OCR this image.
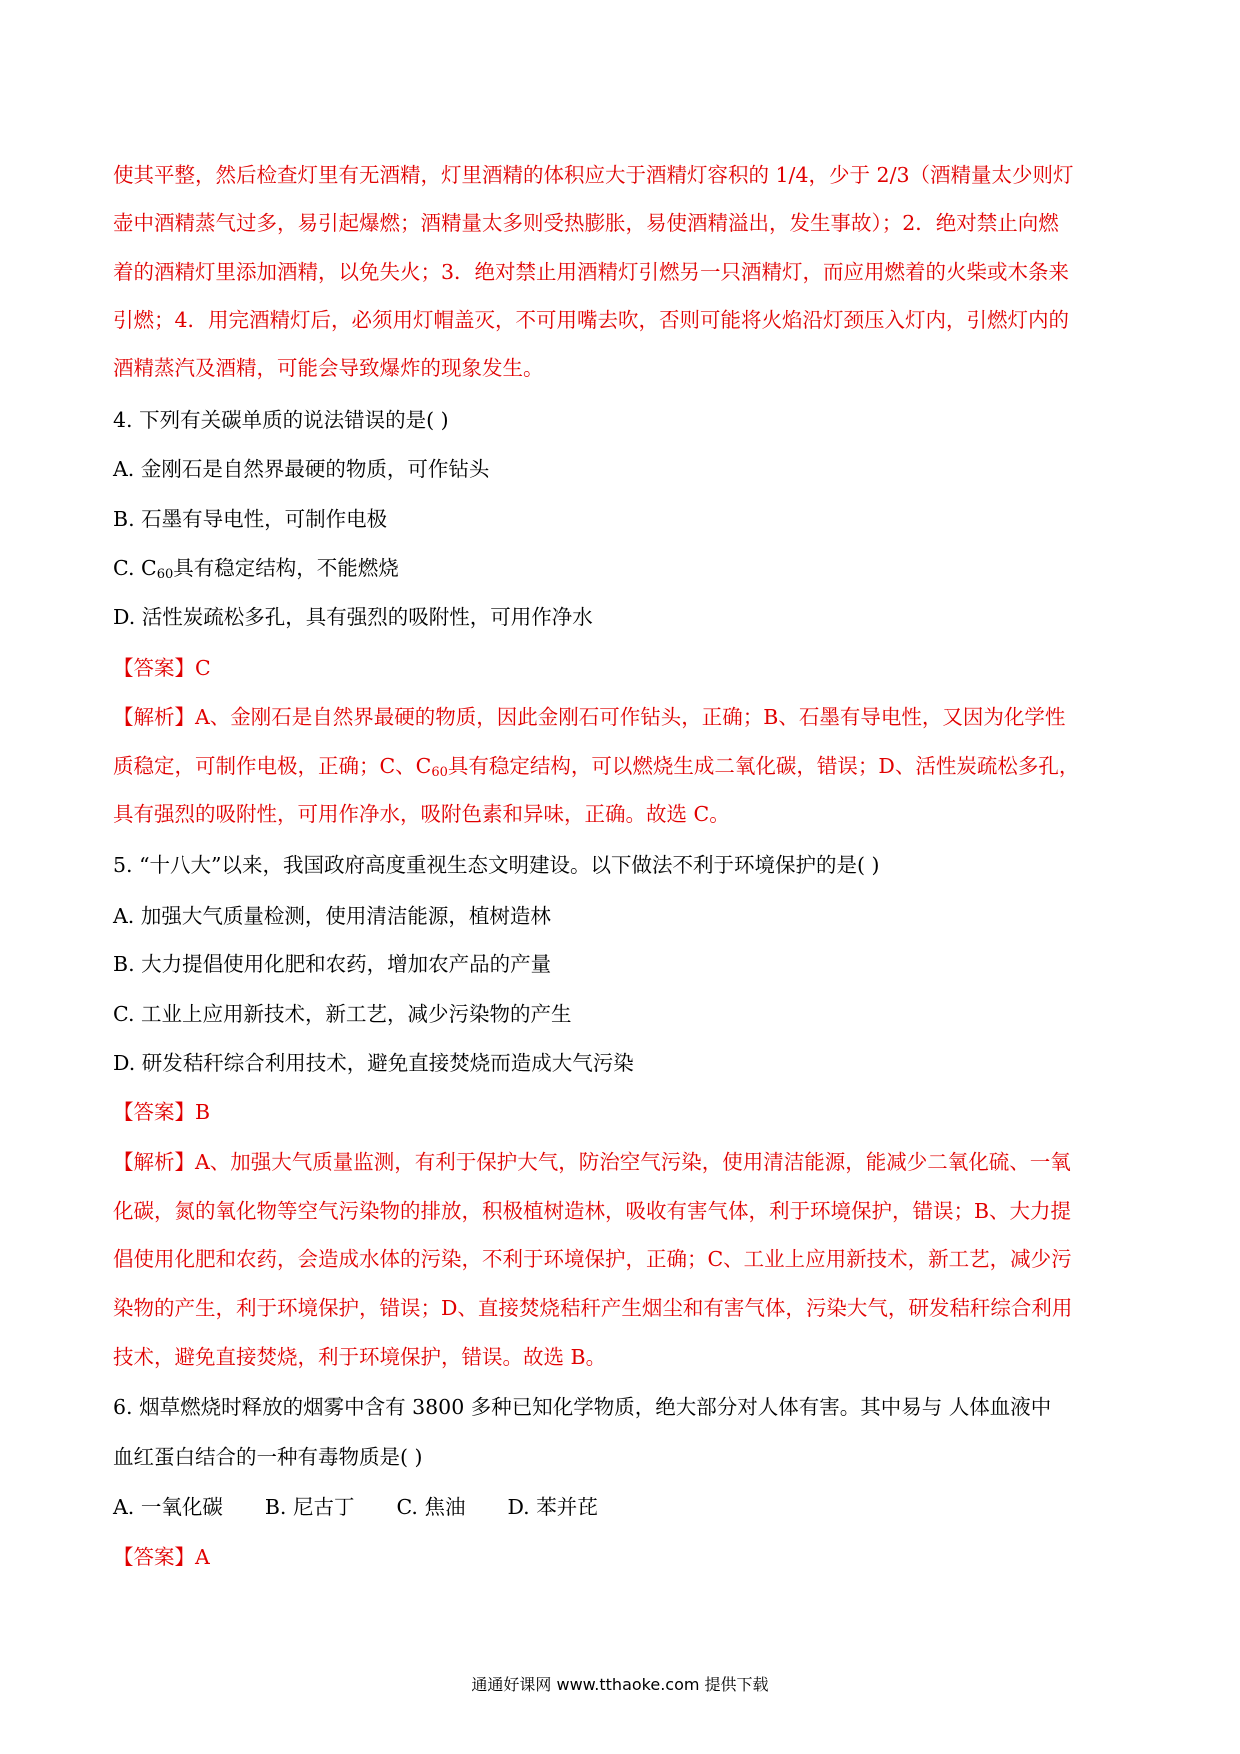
使其平整，然后检查灯里有无酒精，灯里酒精的体积应大于酒精灯容积的 1/4，少于 2/3（酒精量太少则灯
壶中酒精蒸气过多，易引起爆燃；酒精量太多则受热膨胀，易使酒精溢出，发生事故）；2．绝对禁止向燃
着的酒精灯里添加酒精，以免失火；3．绝对禁止用酒精灯引燃另一只酒精灯，而应用燃着的火柴或木条来
引燃；4．用完酒精灯后，必须用灯帽盖灭，不可用嘴去吹，否则可能将火焰沿灯颈压入灯内，引燃灯内的
酒精蒸汽及酒精，可能会导致爆炸的现象发生。
4. 下列有关碳单质的说法错误的是( )
A. 金刚石是自然界最硬的物质，可作钻头
B. 石墨有导电性，可制作电极
C. $C_{60}$具有稳定结构，不能燃烧
D. 活性炭疏松多孔，具有强烈的吸附性，可用作净水
【答案】C
【解析】A、金刚石是自然界最硬的物质，因此金刚石可作钻头，正确；B、石墨有导电性，又因为化学性
质稳定，可制作电极，正确；C、$C_{60}$具有稳定结构，可以燃烧生成二氧化碳，错误；D、活性炭疏松多孔，
具有强烈的吸附性，可用作净水，吸附色素和异味，正确。故选 C。
5. “十八大”以来，我国政府高度重视生态文明建设。以下做法不利于环境保护的是( )
A. 加强大气质量检测，使用清洁能源，植树造林
B. 大力提倡使用化肥和农药，增加农产品的产量
C. 工业上应用新技术，新工艺，减少污染物的产生
D. 研发秸秆综合利用技术，避免直接焚烧而造成大气污染
【答案】B
【解析】A、加强大气质量监测，有利于保护大气，防治空气污染，使用清洁能源，能减少二氧化硫、一氧
化碳，氮的氧化物等空气污染物的排放，积极植树造林，吸收有害气体，利于环境保护，错误；B、大力提
倡使用化肥和农药，会造成水体的污染，不利于环境保护，正确；C、工业上应用新技术，新工艺，减少污
染物的产生，利于环境保护，错误；D、直接焚烧秸秆产生烟尘和有害气体，污染大气，研发秸秆综合利用
技术，避免直接焚烧，利于环境保护，错误。故选 B。
6. 烟草燃烧时释放的烟雾中含有 3800 多种已知化学物质，绝大部分对人体有害。其中易与 人体血液中
血红蛋白结合的一种有毒物质是( )
A. 一氧化碳 B. 尼古丁 C. 焦油 D. 苯并芘
【答案】A
通通好课网 www.tthaoke.com 提供下载
